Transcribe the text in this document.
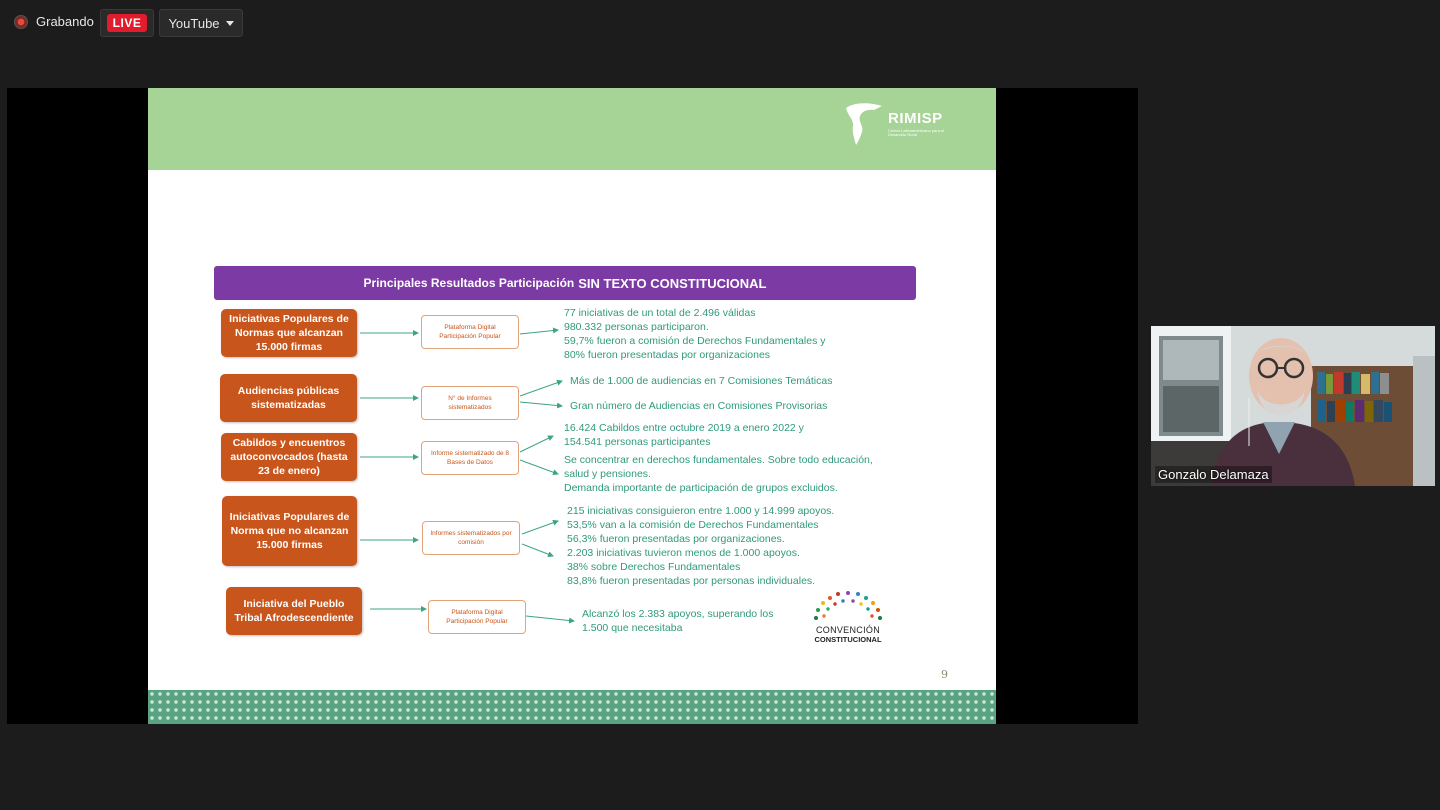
Grabando	LIVE	YouTube
RIMISP
Centro Latinoamericano para el Desarrollo Rural
Principales Resultados Participación SIN TEXTO CONSTITUCIONAL
Iniciativas Populares de Normas que alcanzan 15.000 firmas
Plataforma Digital Participación Popular
77 iniciativas de un total de 2.496 válidas
980.332 personas participaron.
59,7% fueron a comisión de Derechos Fundamentales y
80% fueron presentadas por organizaciones
Audiencias públicas sistematizadas
N° de Informes sistematizados
Más de 1.000 de audiencias en 7 Comisiones Temáticas
Gran número de Audiencias en Comisiones Provisorias
Cabildos y encuentros autoconvocados (hasta 23 de enero)
Informe sistematizado de 8 Bases de Datos
16.424 Cabildos entre octubre 2019 a enero 2022 y
154.541 personas participantes
Se concentrar en derechos fundamentales. Sobre todo educación,
salud y pensiones.
Demanda importante de participación de grupos excluidos.
Iniciativas Populares de Norma que no alcanzan 15.000 firmas
Informes sistematizados por comisión
215 iniciativas consiguieron entre 1.000 y 14.999 apoyos.
53,5% van a la comisión de Derechos Fundamentales
56,3% fueron presentadas por organizaciones.
2.203 iniciativas tuvieron menos de 1.000 apoyos.
38% sobre Derechos Fundamentales
83,8% fueron presentadas por personas individuales.
Iniciativa del Pueblo Tribal Afrodescendiente	Plataforma Digital Participación Popular
Alcanzó los 2.383 apoyos, superando los
1.500 que necesitaba	CONVENCIÓN
CONSTITUCIONAL
9
Gonzalo Delamaza
